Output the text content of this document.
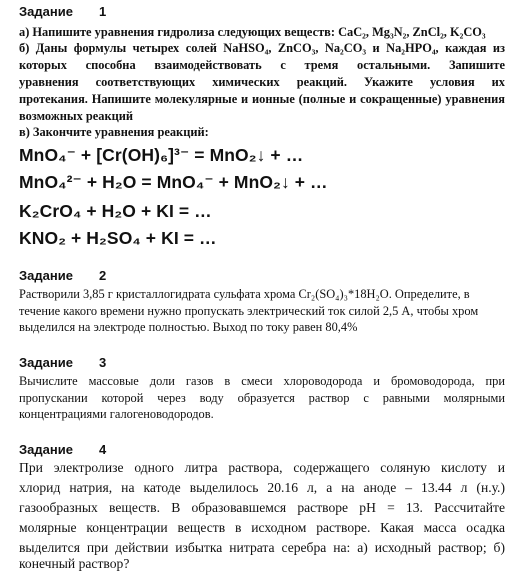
Задание 1
а) Напишите уравнения гидролиза следующих веществ: CaC₂, Mg₃N₂, ZnCl₂, K₂CO₃
б) Даны формулы четырех солей NaHSO₄, ZnCO₃, Na₂CO₃ и Na₂HPO₄, каждая из
которых способна взаимодействовать с тремя остальными. Запишите
уравнения соответствующих химических реакций. Укажите условия их
протекания. Напишите молекулярные и ионные (полные и сокращенные) уравнения
возможных реакций
в) Закончите уравнения реакций:
MnO₄⁻ + [Cr(OH)₆]³⁻ = MnO₂↓ + …
MnO₄²⁻ + H₂O = MnO₄⁻ + MnO₂↓ + …
K₂CrO₄ + H₂O + KI = …
KNO₂ + H₂SO₄ + KI = …
Задание 2
Растворили 3,85 г кристаллогидрата сульфата хрома Cr₂(SO₄)₃*18H₂O. Определите, в
течение какого времени нужно пропускать электрический ток силой 2,5 А, чтобы хром
выделился на электроде полностью. Выход по току равен 80,4%
Задание 3
Вычислите массовые доли газов в смеси хлороводорода и бромоводорода, при
пропускании которой через воду образуется раствор с равными молярными
концентрациями галогеноводородов.
Задание 4
При электролизе одного литра раствора, содержащего соляную кислоту и
хлорид натрия, на катоде выделилось 20.16 л, а на аноде – 13.44 л (н.у.)
газообразных веществ. В образовавшемся растворе pH = 13. Рассчитайте
молярные концентрации веществ в исходном растворе. Какая масса осадка
выделится при действии избытка нитрата серебра на: а) исходный раствор; б)
конечный раствор?
